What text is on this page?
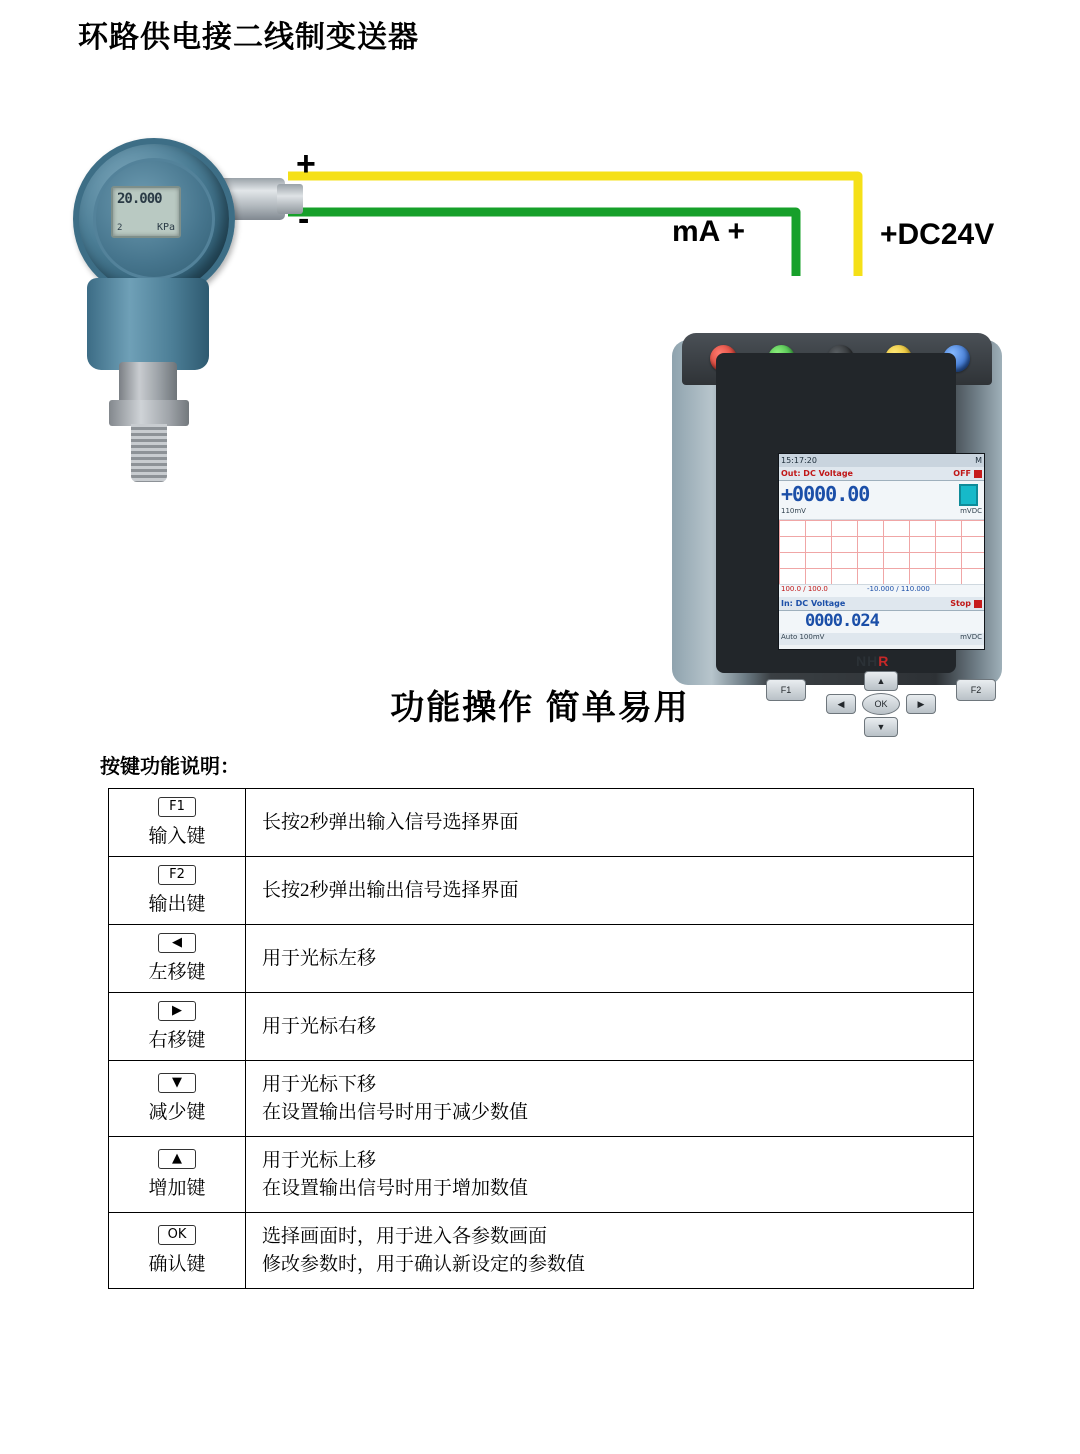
环路供电接二线制变送器
20.000
2	KPa
+
-	mA +	+DC24V
15:17:20	M
Out: DC Voltage	OFF
+0000.00
110mV	mVDC
100.0 / 100.0	-10.000 / 110.000
In: DC Voltage	Stop
0000.024
Auto 100mV	mVDC
NHR
F1	F2
▲
▼
◀	▶
OK
功能操作 简单易用
按键功能说明：
F1
输入键	长按2秒弹出输入信号选择界面

F2
输出键	长按2秒弹出输出信号选择界面

◀
左移键	用于光标左移

▶
右移键	用于光标右移

▼
减少键	用于光标下移
在设置输出信号时用于减少数值

▲
增加键	用于光标上移
在设置输出信号时用于增加数值

OK
确认键	选择画面时，用于进入各参数画面
修改参数时，用于确认新设定的参数值
